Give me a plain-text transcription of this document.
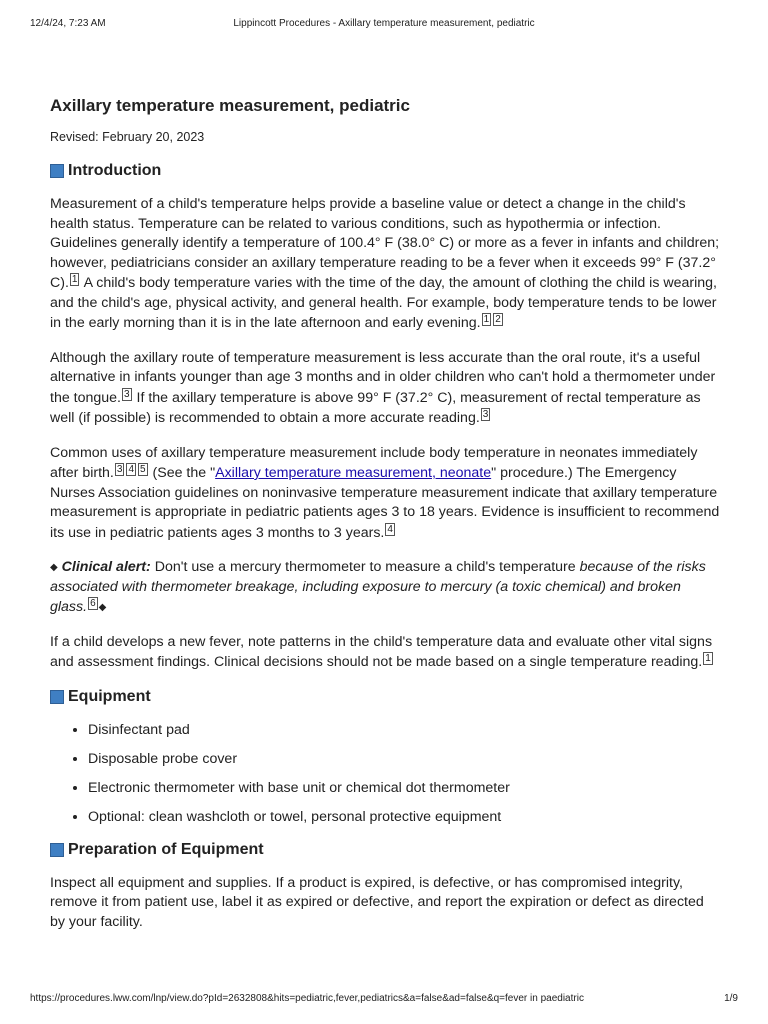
12/4/24, 7:23 AM	Lippincott Procedures - Axillary temperature measurement, pediatric
Axillary temperature measurement, pediatric
Revised: February 20, 2023
Introduction

Measurement of a child's temperature helps provide a baseline value or detect a change in the child's health status. Temperature can be related to various conditions, such as hypothermia or infection. Guidelines generally identify a temperature of 100.4° F (38.0° C) or more as a fever in infants and children; however, pediatricians consider an axillary temperature reading to be a fever when it exceeds 99° F (37.2° C). $^1$ A child's body temperature varies with the time of the day, the amount of clothing the child is wearing, and the child's age, physical activity, and general health. For example, body temperature tends to be lower in the early morning than it is in the late afternoon and early evening. $^1$ $^2$

Although the axillary route of temperature measurement is less accurate than the oral route, it's a useful alternative in infants younger than age 3 months and in older children who can't hold a thermometer under the tongue. $^3$ If the axillary temperature is above 99° F (37.2° C), measurement of rectal temperature as well (if possible) is recommended to obtain a more accurate reading. $^3$

Common uses of axillary temperature measurement include body temperature in neonates immediately after birth. $^3$ $^4$ $^5$ (See the "Axillary temperature measurement, neonate" procedure.) The Emergency Nurses Association guidelines on noninvasive temperature measurement indicate that axillary temperature measurement is appropriate in pediatric patients ages 3 to 18 years. Evidence is insufficient to recommend its use in pediatric patients ages 3 months to 3 years. $^4$

◆ Clinical alert: Don't use a mercury thermometer to measure a child's temperature because of the risks associated with thermometer breakage, including exposure to mercury (a toxic chemical) and broken glass. $^6$ ◆

If a child develops a new fever, note patterns in the child's temperature data and evaluate other vital signs and assessment findings. Clinical decisions should not be made based on a single temperature reading. $^1$

Equipment
• Disinfectant pad
• Disposable probe cover
• Electronic thermometer with base unit or chemical dot thermometer
• Optional: clean washcloth or towel, personal protective equipment
Preparation of Equipment

Inspect all equipment and supplies. If a product is expired, is defective, or has compromised integrity, remove it from patient use, label it as expired or defective, and report the expiration or defect as directed by your facility.

https://procedures.lww.com/lnp/view.do?pId=2632808&hits=pediatric,fever,pediatrics&a=false&ad=false&q=fever in paediatric	1/9
